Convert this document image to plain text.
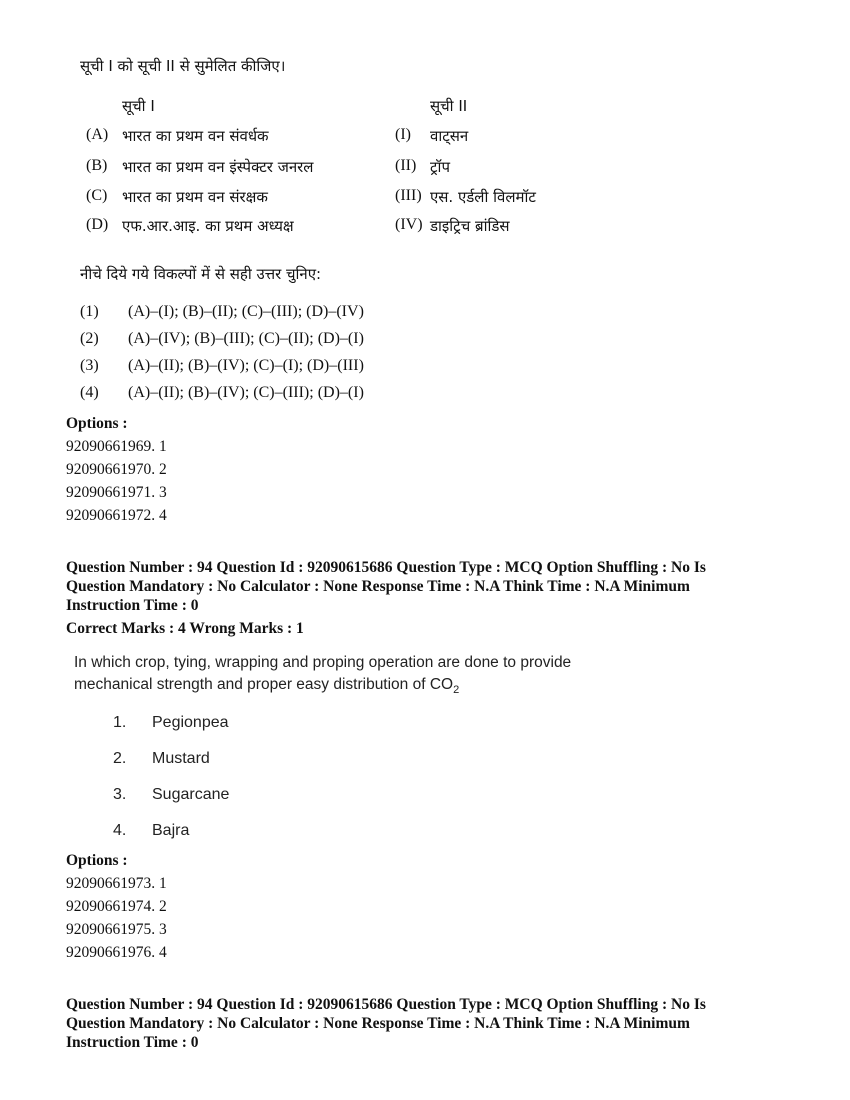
सूची I को सूची II से सुमेलित कीजिए।
सूची I	सूची II
(A) भारत का प्रथम वन संवर्धक
(B) भारत का प्रथम वन इंस्पेक्टर जनरल
(C) भारत का प्रथम वन संरक्षक
(D) एफ.आर.आइ. का प्रथम अध्यक्ष
(I) वाट्सन
(II) ट्रॉप
(III) एस. एर्डली विलमॉट
(IV) डाइट्रिच ब्रांडिस
नीचे दिये गये विकल्पों में से सही उत्तर चुनिए:
(1) (A)–(I); (B)–(II); (C)–(III); (D)–(IV)
(2) (A)–(IV); (B)–(III); (C)–(II); (D)–(I)
(3) (A)–(II); (B)–(IV); (C)–(I); (D)–(III)
(4) (A)–(II); (B)–(IV); (C)–(III); (D)–(I)
Options :
92090661969. 1
92090661970. 2
92090661971. 3
92090661972. 4
Question Number : 94 Question Id : 92090615686 Question Type : MCQ Option Shuffling : No Is
Question Mandatory : No Calculator : None Response Time : N.A Think Time : N.A Minimum
Instruction Time : 0
Correct Marks : 4 Wrong Marks : 1
In which crop, tying, wrapping and proping operation are done to provide
mechanical strength and proper easy distribution of $CO_2$
1. Pegionpea
2. Mustard
3. Sugarcane
4. Bajra
Options :
92090661973. 1
92090661974. 2
92090661975. 3
92090661976. 4
Question Number : 94 Question Id : 92090615686 Question Type : MCQ Option Shuffling : No Is
Question Mandatory : No Calculator : None Response Time : N.A Think Time : N.A Minimum
Instruction Time : 0
